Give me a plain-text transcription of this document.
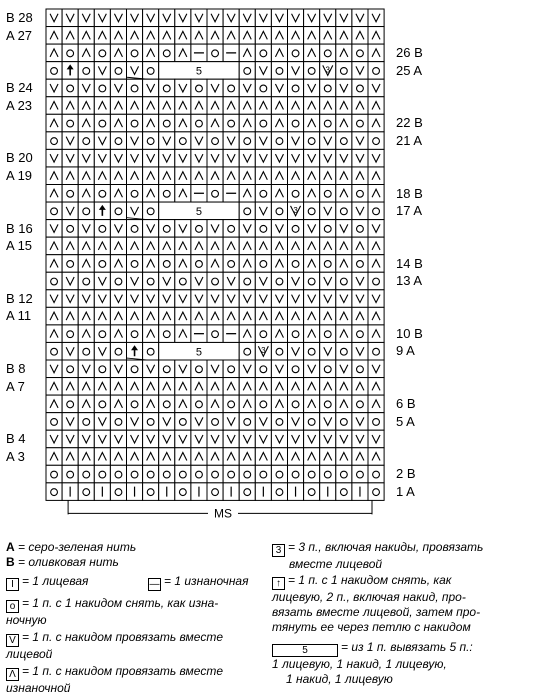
5	3
5	3
5	3
MS
B 28
A 27
26 B
25 A
B 24
A 23
22 B
21 A
B 20
A 19
18 B
17 A
B 16
A 15
14 B
13 A
B 12
A 11
10 B
9 A
B 8
A 7
6 B
5 A
B 4
A 3
2 B
1 A
A = серо-зеленая нить
B = оливковая нить
I = 1 лицевая	— = 1 изнаночная
o = 1 п. с 1 накидом снять, как изна-
ночную
V = 1 п. с накидом провязать вместе
лицевой
Λ = 1 п. с накидом провязать вместе
изнаночной
3 = 3 п., включая накиды, провязать
вместе лицевой
↑ = 1 п. с 1 накидом снять, как
лицевую, 2 п., включая накид, про-
вязать вместе лицевой, затем про-
тянуть ее через петлю с накидом
5	= из 1 п. вывязать 5 п.:
1 лицевую, 1 накид, 1 лицевую,
1 накид, 1 лицевую
